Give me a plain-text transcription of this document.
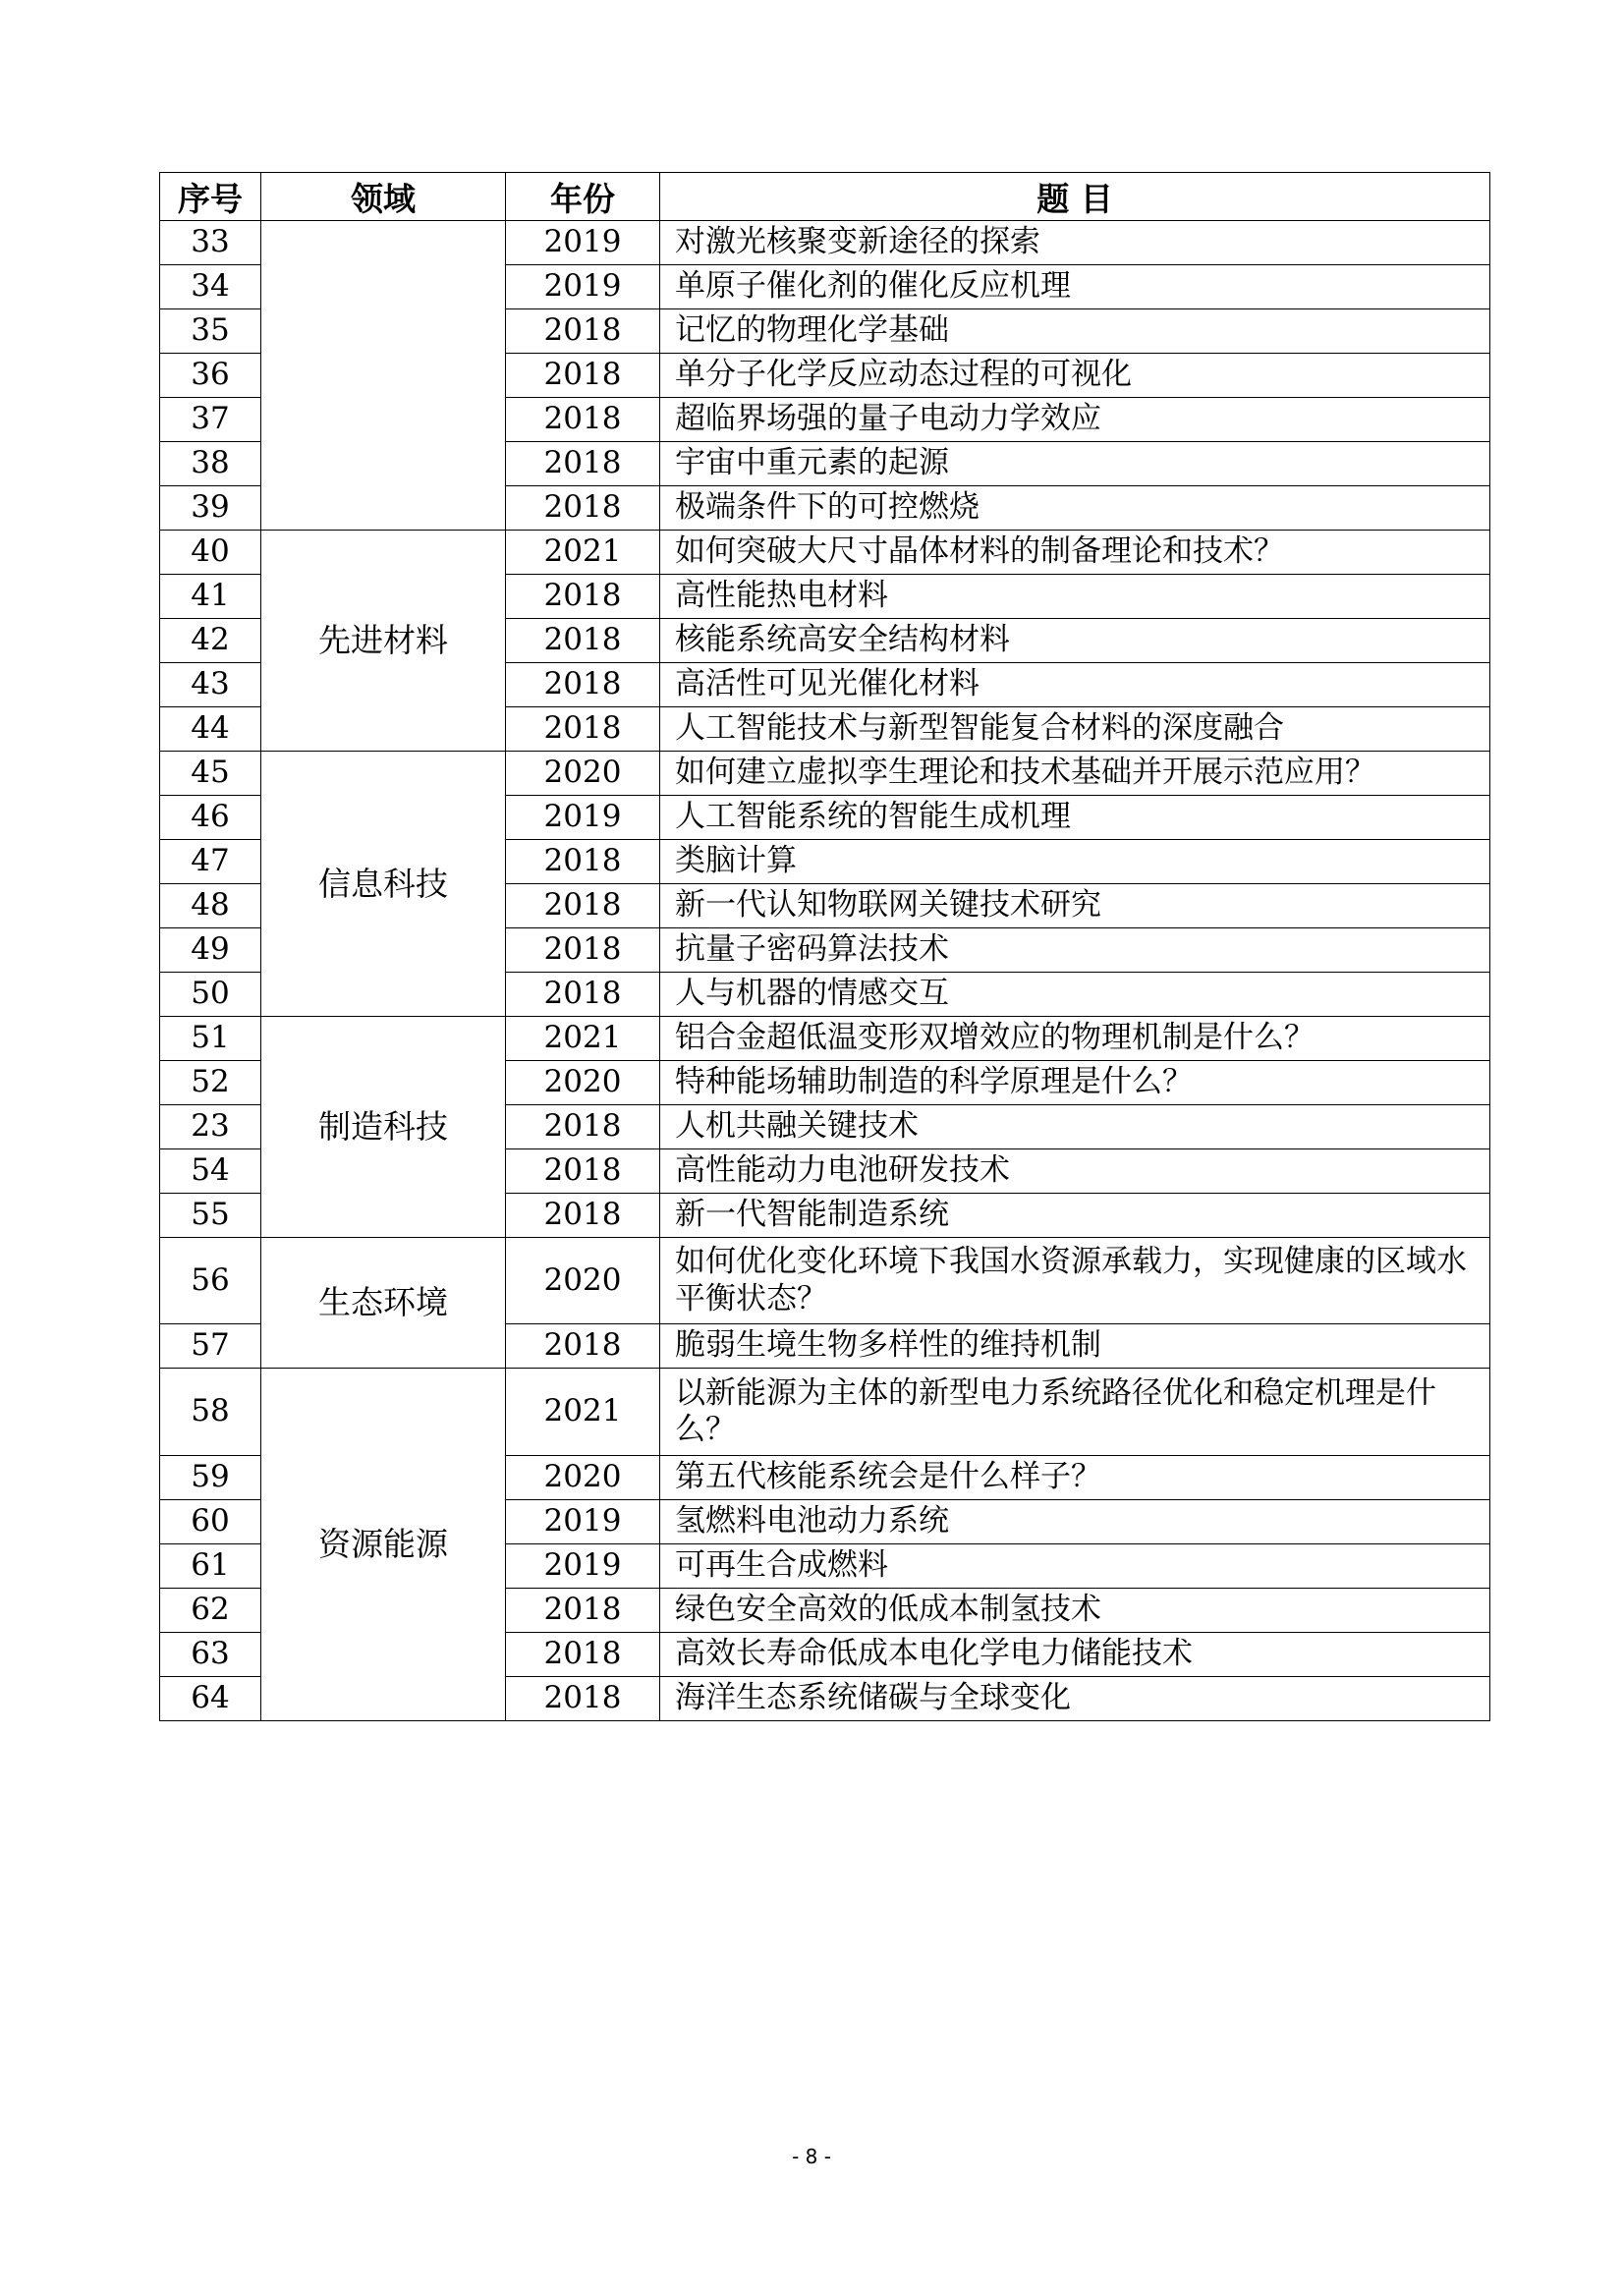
序号	领域	年份	题 目
33		2019	对激光核聚变新途径的探索
34		2019	单原子催化剂的催化反应机理
35		2018	记忆的物理化学基础
36		2018	单分子化学反应动态过程的可视化
37		2018	超临界场强的量子电动力学效应
38		2018	宇宙中重元素的起源
39		2018	极端条件下的可控燃烧
40	先进材料	2021	如何突破大尺寸晶体材料的制备理论和技术？
41		2018	高性能热电材料
42		2018	核能系统高安全结构材料
43		2018	高活性可见光催化材料
44		2018	人工智能技术与新型智能复合材料的深度融合
45	信息科技	2020	如何建立虚拟孪生理论和技术基础并开展示范应用？
46		2019	人工智能系统的智能生成机理
47		2018	类脑计算
48		2018	新一代认知物联网关键技术研究
49		2018	抗量子密码算法技术
50		2018	人与机器的情感交互
51	制造科技	2021	铝合金超低温变形双增效应的物理机制是什么？
52		2020	特种能场辅助制造的科学原理是什么？
23		2018	人机共融关键技术
54		2018	高性能动力电池研发技术
55		2018	新一代智能制造系统
56	生态环境	2020	如何优化变化环境下我国水资源承载力，实现健康的区域水平衡状态？
57		2018	脆弱生境生物多样性的维持机制
58	资源能源	2021	以新能源为主体的新型电力系统路径优化和稳定机理是什么？
59		2020	第五代核能系统会是什么样子？
60		2019	氢燃料电池动力系统
61		2019	可再生合成燃料
62		2018	绿色安全高效的低成本制氢技术
63		2018	高效长寿命低成本电化学电力储能技术
64		2018	海洋生态系统储碳与全球变化
- 8 -
